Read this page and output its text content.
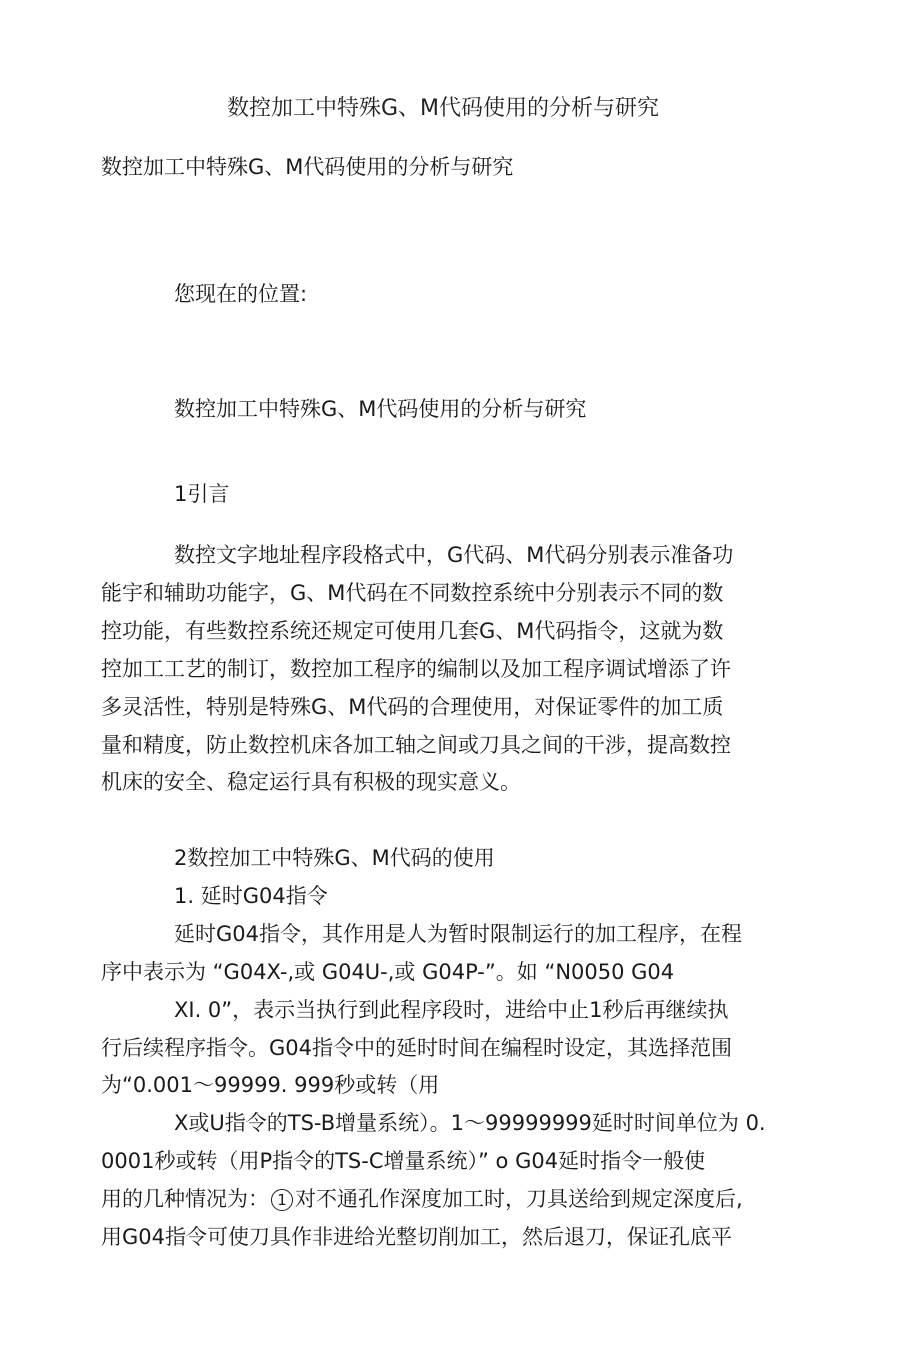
数控加工中特殊G、M代码使用的分析与研究
数控加工中特殊G、M代码使用的分析与研究
您现在的位置:
数控加工中特殊G、M代码使用的分析与研究
1引言
数控文字地址程序段格式中，G代码、M代码分别表示准备功
能宇和辅助功能字，G、M代码在不同数控系统中分别表示不同的数
控功能，有些数控系统还规定可使用几套G、M代码指令，这就为数
控加工工艺的制订，数控加工程序的编制以及加工程序调试增添了许
多灵活性，特别是特殊G、M代码的合理使用，对保证零件的加工质
量和精度，防止数控机床各加工轴之间或刀具之间的干涉，提高数控
机床的安全、稳定运行具有积极的现实意义。
2数控加工中特殊G、M代码的使用
1. 延时G04指令
延时G04指令，其作用是人为暂时限制运行的加工程序，在程
序中表示为 “G04X-,或 G04U-,或 G04P-”。如 “N0050 G04
XI. 0”，表示当执行到此程序段时，进给中止1秒后再继续执
行后续程序指令。G04指令中的延时时间在编程时设定，其选择范围
为“0.001～99999. 999秒或转（用
X或U指令的TS-B增量系统）。1～99999999延时时间单位为 0.
0001秒或转（用P指令的TS-C增量系统）” o G04延时指令一般使
用的几种情况为： 1 对不通孔作深度加工时，刀具送给到规定深度后,
用G04指令可使刀具作非进给光整切削加工，然后退刀，保证孔底平
